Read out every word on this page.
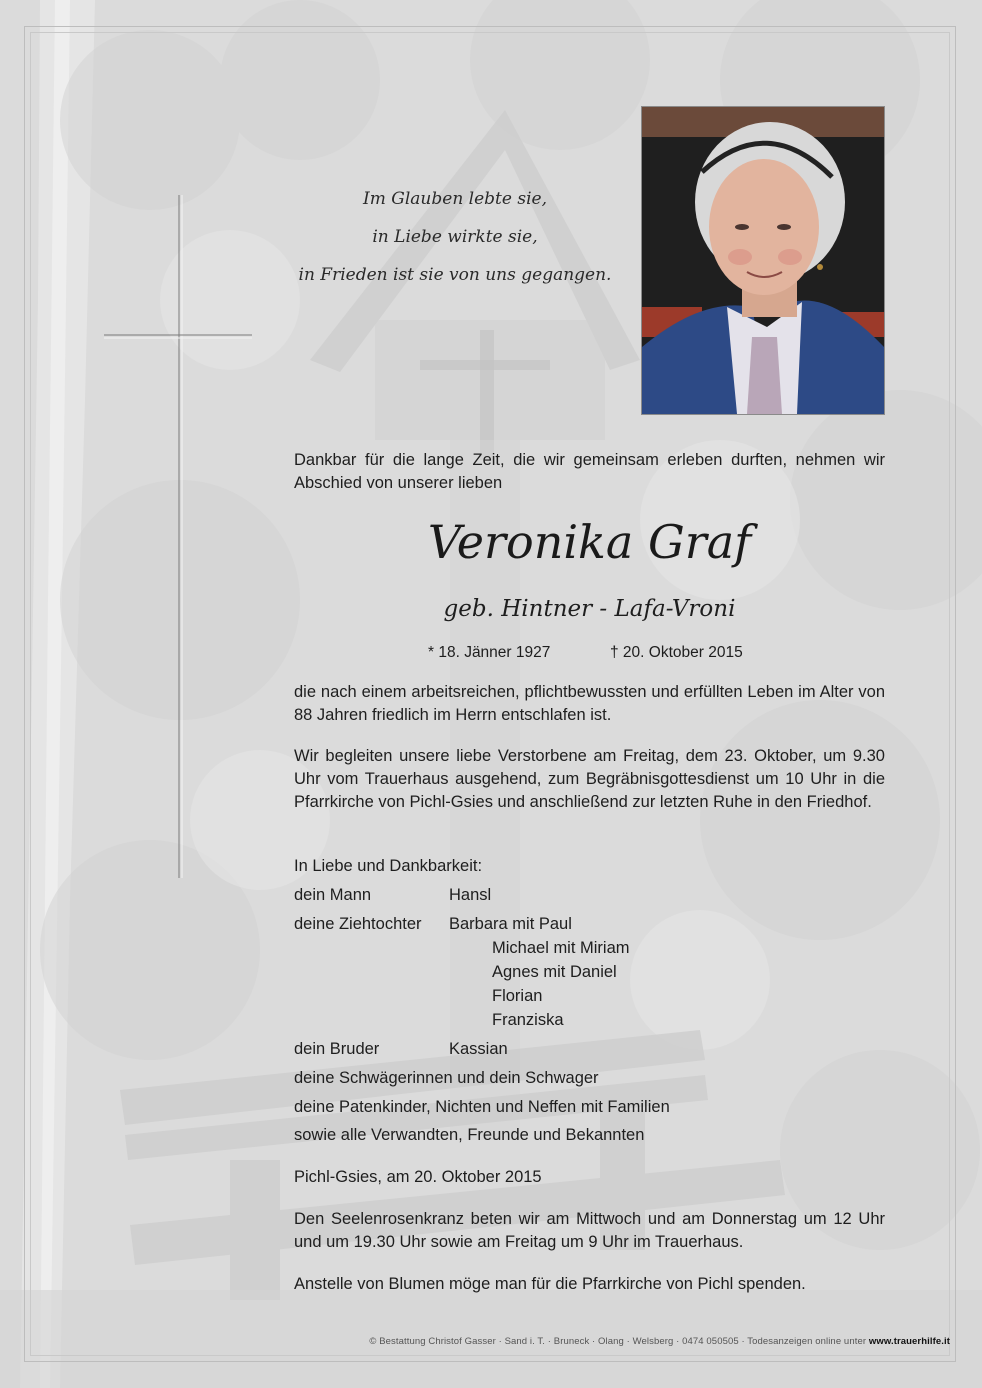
Im Glauben lebte sie,
in Liebe wirkte sie,
in Frieden ist sie von uns gegangen.
Dankbar für die lange Zeit, die wir gemeinsam erleben durften, nehmen wir Abschied von unserer lieben
Veronika Graf
geb. Hintner - Lafa-Vroni
* 18. Jänner 1927	† 20. Oktober 2015
die nach einem arbeitsreichen, pflichtbewussten und erfüllten Leben im Alter von 88 Jahren friedlich im Herrn entschlafen ist.
Wir begleiten unsere liebe Verstorbene am Freitag, dem 23. Oktober, um 9.30 Uhr vom Trauerhaus ausgehend, zum Begräbnisgottesdienst um 10 Uhr in die Pfarrkirche von Pichl-Gsies und anschließend zur letzten Ruhe in den Friedhof.
In Liebe und Dankbarkeit:
dein Mann	Hansl
deine Ziehtochter Barbara mit Paul
Michael mit Miriam
Agnes mit Daniel
Florian
Franziska
dein Bruder	Kassian
deine Schwägerinnen und dein Schwager
deine Patenkinder, Nichten und Neffen mit Familien
sowie alle Verwandten, Freunde und Bekannten
Pichl-Gsies, am 20. Oktober 2015
Den Seelenrosenkranz beten wir am Mittwoch und am Donnerstag um 12 Uhr und um 19.30 Uhr sowie am Freitag um 9 Uhr im Trauerhaus.
Anstelle von Blumen möge man für die Pfarrkirche von Pichl spenden.
© Bestattung Christof Gasser · Sand i. T. · Bruneck · Olang · Welsberg · 0474 050505 · Todesanzeigen online unter www.trauerhilfe.it
